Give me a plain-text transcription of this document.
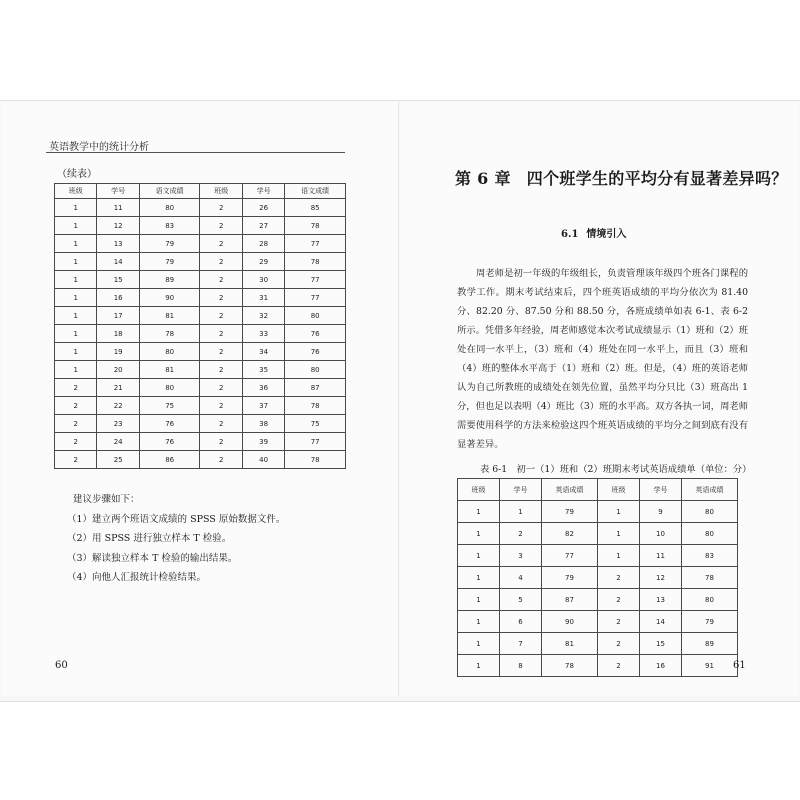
英语教学中的统计分析
（续表）
班级	学号	语文成绩	班级	学号	语文成绩
1	11	80	2	26	85
1	12	83	2	27	78
1	13	79	2	28	77
1	14	79	2	29	78
1	15	89	2	30	77
1	16	90	2	31	77
1	17	81	2	32	80
1	18	78	2	33	76
1	19	80	2	34	76
1	20	81	2	35	80
2	21	80	2	36	87
2	22	75	2	37	78
2	23	76	2	38	75
2	24	76	2	39	77
2	25	86	2	40	78
建议步骤如下：
（1）建立两个班语文成绩的 SPSS 原始数据文件。
（2）用 SPSS 进行独立样本 T 检验。
（3）解读独立样本 T 检验的输出结果。
（4）向他人汇报统计检验结果。
60
第 6 章 四个班学生的平均分有显著差异吗？
6.1 情境引入

周老师是初一年级的年级组长，负责管理该年级四个班各门课程的教学工作。期末考试结束后，四个班英语成绩的平均分依次为 81.40 分、82.20 分、87.50 分和 88.50 分，各班成绩单如表 6-1、表 6-2 所示。凭借多年经验，周老师感觉本次考试成绩显示（1）班和（2）班处在同一水平上，（3）班和（4）班处在同一水平上，而且（3）班和（4）班的整体水平高于（1）班和（2）班。但是，（4）班的英语老师认为自己所教班的成绩处在领先位置，虽然平均分只比（3）班高出 1 分，但也足以表明（4）班比（3）班的水平高。双方各执一词，周老师需要使用科学的方法来检验这四个班英语成绩的平均分之间到底有没有显著差异。

表 6-1　初一（1）班和（2）班期末考试英语成绩单（单位：分）
班级	学号	英语成绩	班级	学号	英语成绩
1	1	79	1	9	80
1	2	82	1	10	80
1	3	77	1	11	83
1	4	79	2	12	78
1	5	87	2	13	80
1	6	90	2	14	79
1	7	81	2	15	89
1	8	78	2	16	91 61
